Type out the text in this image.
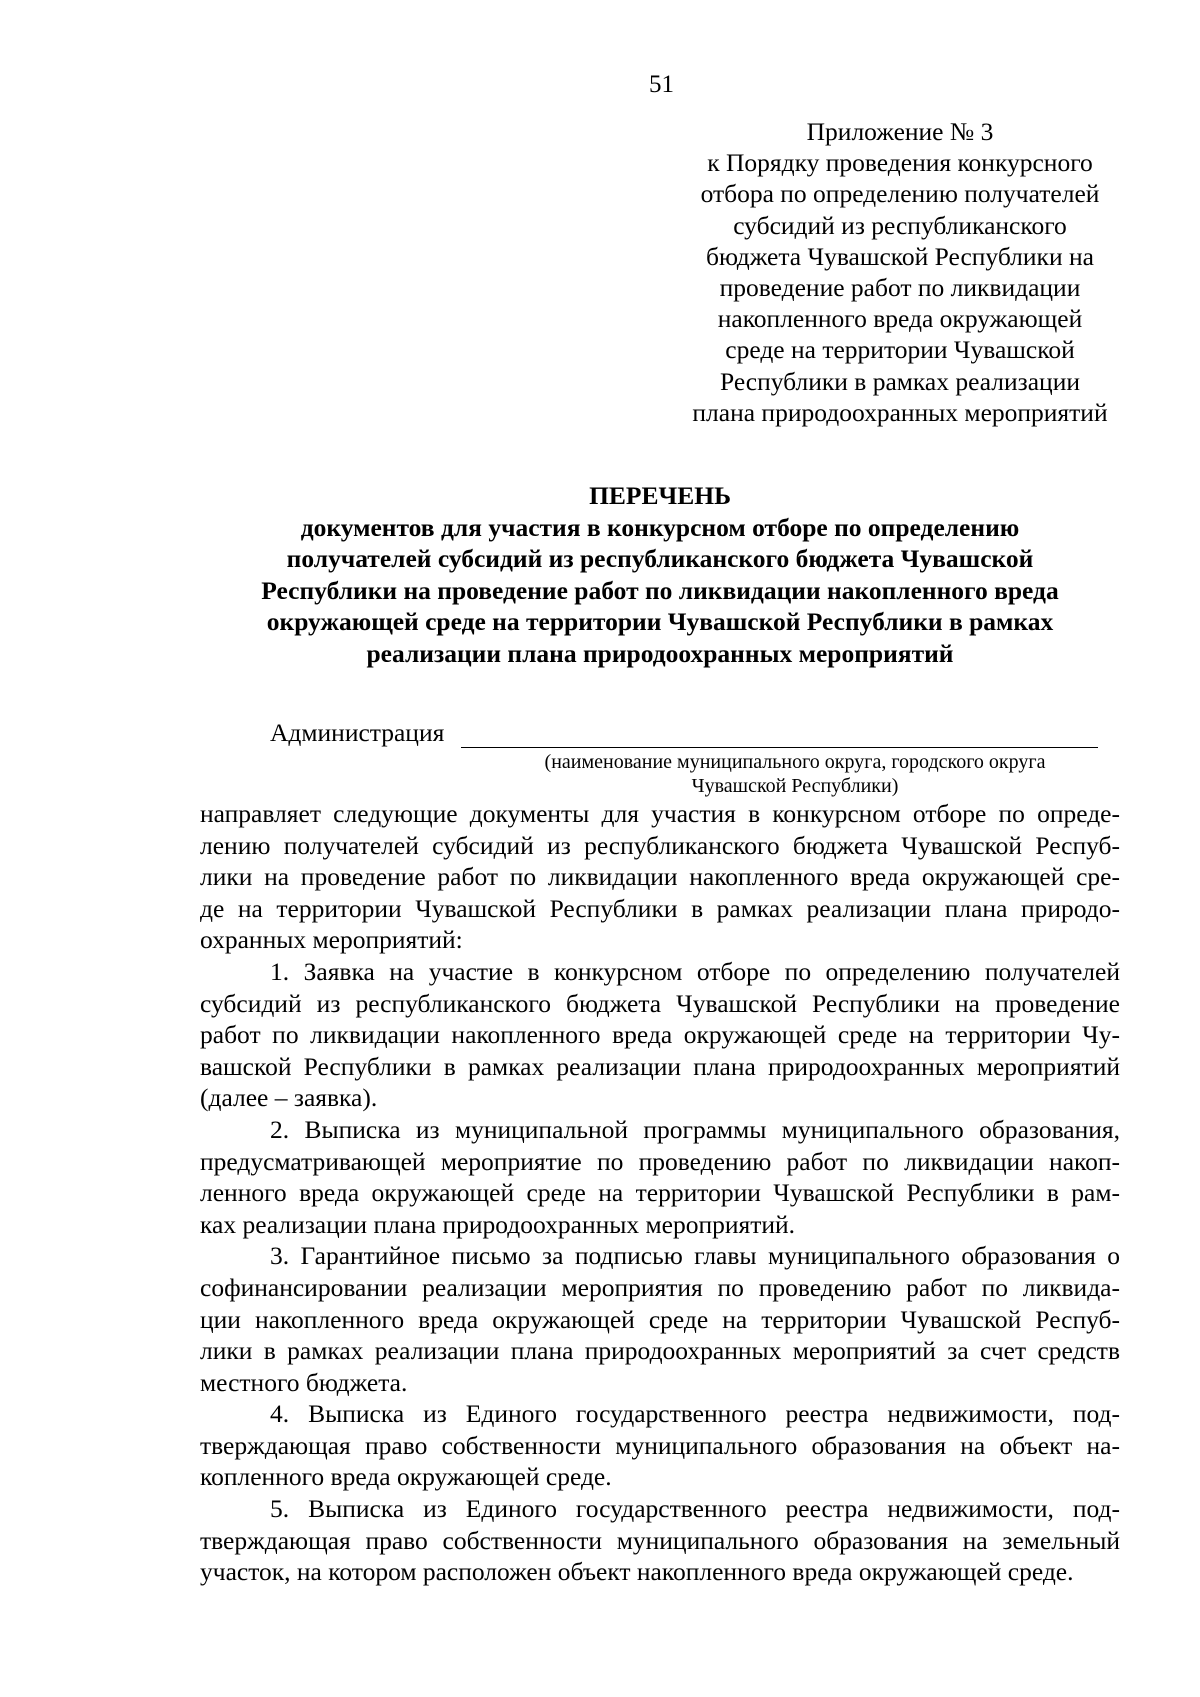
51
Приложение № 3
к Порядку проведения конкурсного
отбора по определению получателей
субсидий из республиканского
бюджета Чувашской Республики на
проведение работ по ликвидации
накопленного вреда окружающей
среде на территории Чувашской
Республики в рамках реализации
плана природоохранных мероприятий
ПЕРЕЧЕНЬ
документов для участия в конкурсном отборе по определению
получателей субсидий из республиканского бюджета Чувашской
Республики на проведение работ по ликвидации накопленного вреда
окружающей среде на территории Чувашской Республики в рамках
реализации плана природоохранных мероприятий
Администрация
(наименование муниципального округа, городского округа
Чувашской Республики)
направляет следующие документы для участия в конкурсном отборе по опреде-
лению получателей субсидий из республиканского бюджета Чувашской Респуб-
лики на проведение работ по ликвидации накопленного вреда окружающей сре-
де на территории Чувашской Республики в рамках реализации плана природо-
охранных мероприятий:
1. Заявка на участие в конкурсном отборе по определению получателей
субсидий из республиканского бюджета Чувашской Республики на проведение
работ по ликвидации накопленного вреда окружающей среде на территории Чу-
вашской Республики в рамках реализации плана природоохранных мероприятий
(далее – заявка).
2. Выписка из муниципальной программы муниципального образования,
предусматривающей мероприятие по проведению работ по ликвидации накоп-
ленного вреда окружающей среде на территории Чувашской Республики в рам-
ках реализации плана природоохранных мероприятий.
3. Гарантийное письмо за подписью главы муниципального образования о
софинансировании реализации мероприятия по проведению работ по ликвида-
ции накопленного вреда окружающей среде на территории Чувашской Респуб-
лики в рамках реализации плана природоохранных мероприятий за счет средств
местного бюджета.
4. Выписка из Единого государственного реестра недвижимости, под-
тверждающая право собственности муниципального образования на объект на-
копленного вреда окружающей среде.
5. Выписка из Единого государственного реестра недвижимости, под-
тверждающая право собственности муниципального образования на земельный
участок, на котором расположен объект накопленного вреда окружающей среде.
